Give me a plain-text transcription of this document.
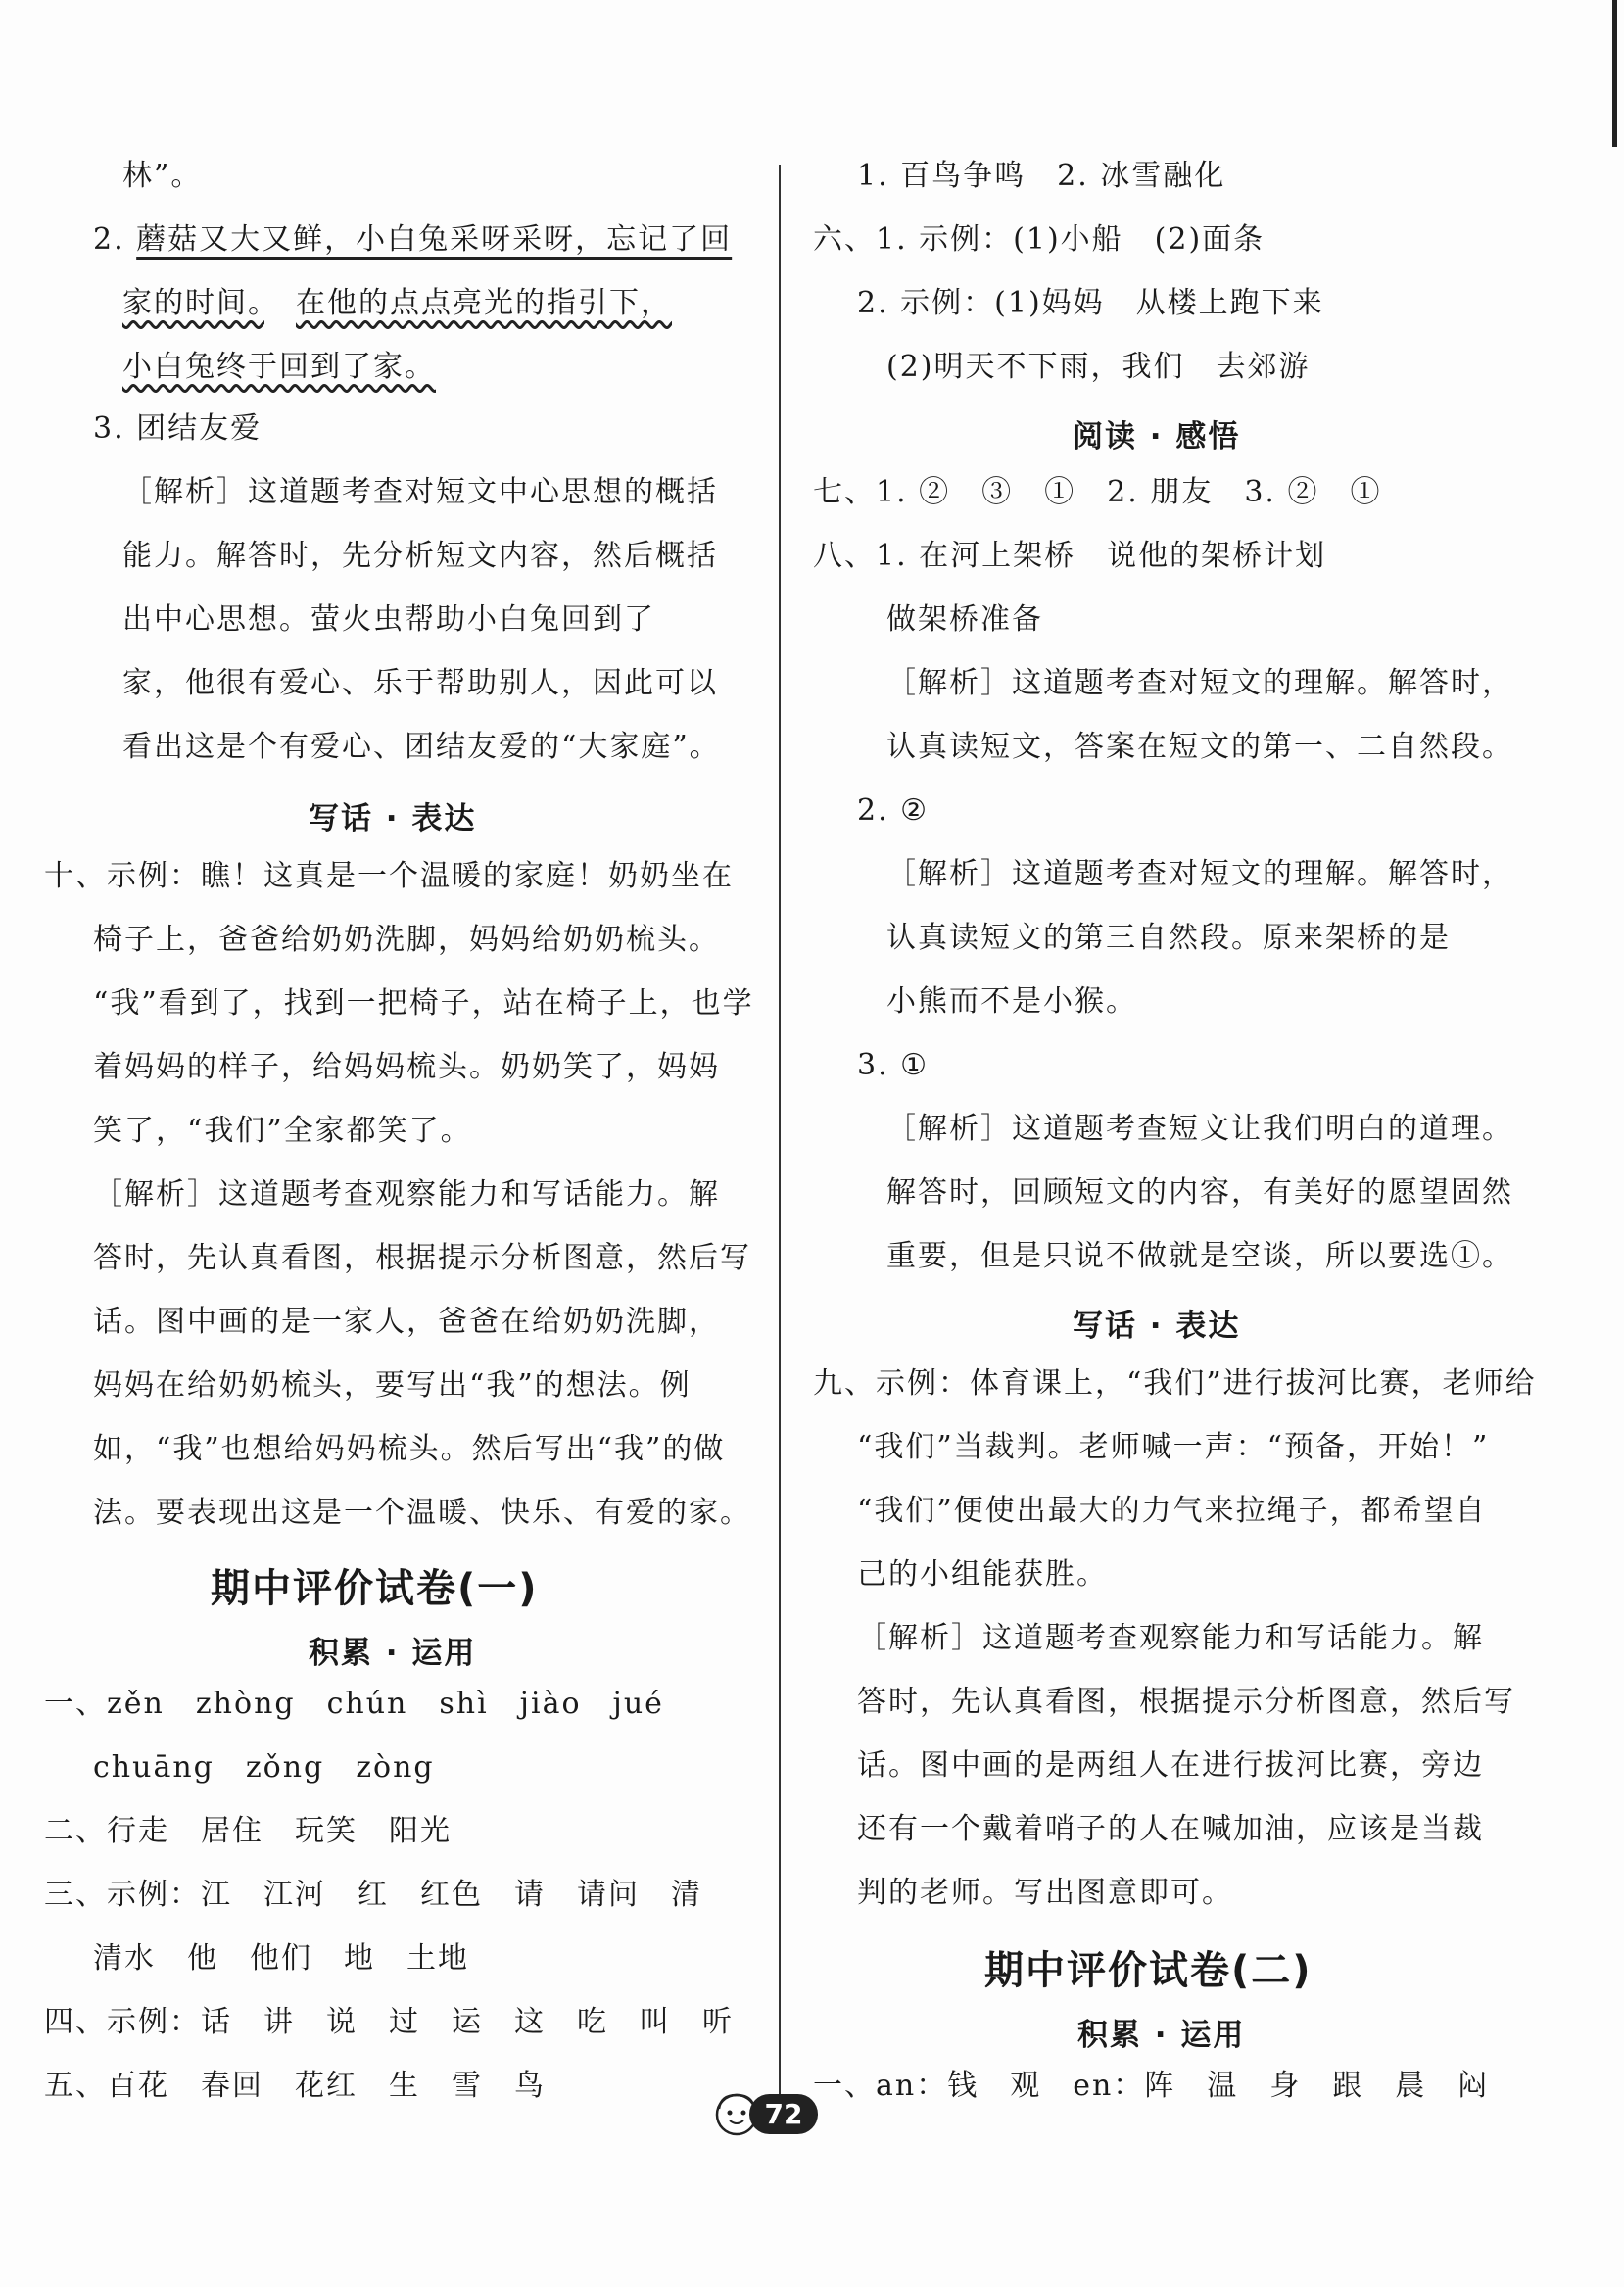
林”。
2. 蘑菇又大又鲜，小白兔采呀采呀，忘记了回
家的时间。　 在他的点点亮光的指引下，
小白兔终于回到了家。
3. 团结友爱
［解析］这道题考查对短文中心思想的概括
能力。解答时，先分析短文内容，然后概括
出中心思想。萤火虫帮助小白兔回到了
家，他很有爱心、乐于帮助别人，因此可以
看出这是个有爱心、团结友爱的“大家庭”。
写话 · 表达
十、示例：瞧！这真是一个温暖的家庭！奶奶坐在
椅子上，爸爸给奶奶洗脚，妈妈给奶奶梳头。
“我”看到了，找到一把椅子，站在椅子上，也学
着妈妈的样子，给妈妈梳头。奶奶笑了，妈妈
笑了，“我们”全家都笑了。
［解析］这道题考查观察能力和写话能力。解
答时，先认真看图，根据提示分析图意，然后写
话。图中画的是一家人，爸爸在给奶奶洗脚，
妈妈在给奶奶梳头，要写出“我”的想法。例
如，“我”也想给妈妈梳头。然后写出“我”的做
法。要表现出这是一个温暖、快乐、有爱的家。
期中评价试卷(一)
积累 · 运用
一、zěn　zhòng　chún　shì　jiào　jué
chuāng　zǒng　zòng
二、行走　居住　玩笑　阳光
三、示例：江　江河　红　红色　请　请问　清
清水　他　他们　地　土地
四、示例：话　讲　说　过　运　这　吃　叫　听
五、百花　春回　花红　生　雪　鸟
1. 百鸟争鸣　2. 冰雪融化
六、1. 示例：(1)小船　(2)面条
2. 示例：(1)妈妈　从楼上跑下来
(2)明天不下雨，我们　去郊游
阅读 · 感悟
七、1. ②　③　①　2. 朋友　3. ②　①
八、1. 在河上架桥　说他的架桥计划
做架桥准备
［解析］这道题考查对短文的理解。解答时，
认真读短文，答案在短文的第一、二自然段。
2. ②
［解析］这道题考查对短文的理解。解答时，
认真读短文的第三自然段。原来架桥的是
小熊而不是小猴。
3. ①
［解析］这道题考查短文让我们明白的道理。
解答时，回顾短文的内容，有美好的愿望固然
重要，但是只说不做就是空谈，所以要选①。
写话 · 表达
九、示例：体育课上，“我们”进行拔河比赛，老师给
“我们”当裁判。老师喊一声：“预备，开始！”
“我们”便使出最大的力气来拉绳子，都希望自
己的小组能获胜。
［解析］这道题考查观察能力和写话能力。解
答时，先认真看图，根据提示分析图意，然后写
话。图中画的是两组人在进行拔河比赛，旁边
还有一个戴着哨子的人在喊加油，应该是当裁
判的老师。写出图意即可。
期中评价试卷(二)
积累 · 运用
一、an：钱　观　en：阵　温　身　跟　晨　闷
72
